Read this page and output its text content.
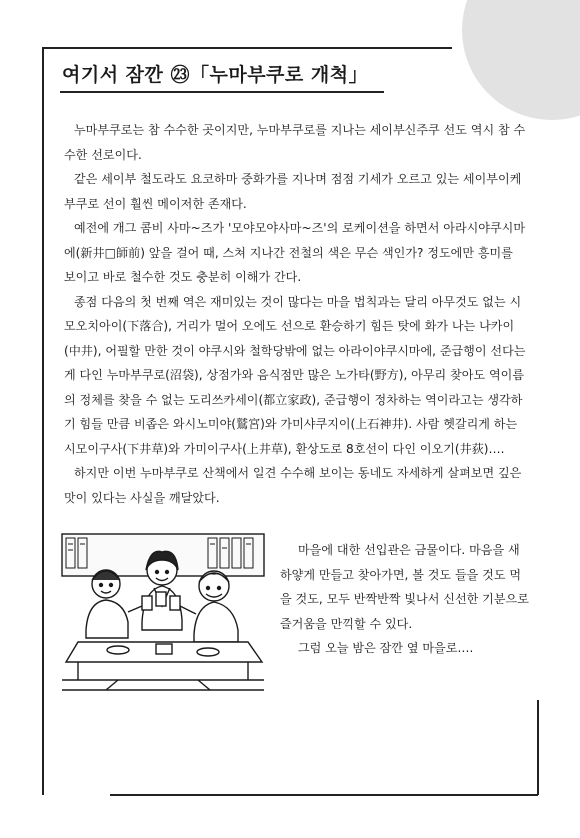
여기서 잠깐 ㉓「누마부쿠로 개척」

누마부쿠로는 참 수수한 곳이지만, 누마부쿠로를 지나는 세이부신주쿠 선도 역시 참 수수한 선로이다.

같은 세이부 철도라도 요코하마 중화가를 지나며 점점 기세가 오르고 있는 세이부이케부쿠로 선이 훨씬 메이저한 존재다.

예전에 개그 콤비 사마~즈가 '모야모야사마~즈'의 로케이션을 하면서 아라시야쿠시마에(新井□師前) 앞을 걸어 때, 스쳐 지나간 전철의 색은 무슨 색인가? 정도에만 흥미를 보이고 바로 철수한 것도 충분히 이해가 간다.

종점 다음의 첫 번째 역은 재미있는 것이 많다는 마을 법칙과는 달리 아무것도 없는 시모오치아이(下落合), 거리가 멀어 오에도 선으로 환승하기 힘든 탓에 화가 나는 나카이(中井), 어필할 만한 것이 야쿠시와 철학당밖에 없는 아라이야쿠시마에, 준급행이 선다는 게 다인 누마부쿠로(沼袋), 상점가와 음식점만 많은 노가타(野方), 아무리 찾아도 역이름의 정체를 찾을 수 없는 도리쓰카세이(都立家政), 준급행이 정차하는 역이라고는 생각하기 힘들 만큼 비좁은 와시노미야(鷲宮)와 가미샤쿠지이(上石神井). 사람 헷갈리게 하는 시모이구사(下井草)와 가미이구사(上井草), 환상도로 8호선이 다인 이오기(井荻)….

하지만 이번 누마부쿠로 산책에서 일견 수수해 보이는 동네도 자세하게 살펴보면 깊은 맛이 있다는 사실을 깨달았다.

마을에 대한 선입관은 금물이다. 마음을 새하얗게 만들고 찾아가면, 볼 것도 들을 것도 먹을 것도, 모두 반짝반짝 빛나서 신선한 기분으로 즐거움을 만끽할 수 있다.

그럼 오늘 밤은 잠깐 옆 마을로….
